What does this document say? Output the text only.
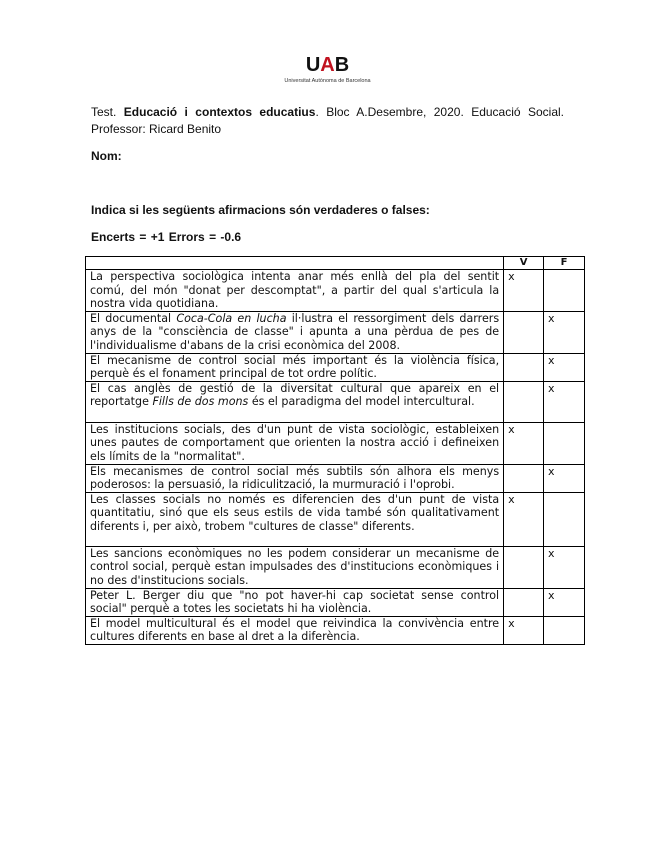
UAB
Universitat Autònoma de Barcelona
Test. Educació i contextos educatius. Bloc A.Desembre, 2020. Educació Social.
Professor: Ricard Benito
Nom:
Indica si les següents afirmacions són verdaderes o falses:
Encerts = +1 Errors = -0.6
	V	F
La perspectiva sociològica intenta anar més enllà del pla del sentit comú, del món "donat per descomptat", a partir del qual s'articula la nostra vida quotidiana.	x	
El documental Coca-Cola en lucha il·lustra el ressorgiment dels darrers anys de la "consciència de classe" i apunta a una pèrdua de pes de l'individualisme d'abans de la crisi econòmica del 2008.		x
El mecanisme de control social més important és la violència física, perquè és el fonament principal de tot ordre polític.		x
El cas anglès de gestió de la diversitat cultural que apareix en el reportatge Fills de dos mons és el paradigma del model intercultural.		x
Les institucions socials, des d'un punt de vista sociològic, estableixen unes pautes de comportament que orienten la nostra acció i defineixen els límits de la "normalitat".	x	
Els mecanismes de control social més subtils són alhora els menys poderosos: la persuasió, la ridiculització, la murmuració i l'oprobi.		x
Les classes socials no només es diferencien des d'un punt de vista quantitatiu, sinó que els seus estils de vida també són qualitativament diferents i, per això, trobem "cultures de classe" diferents.	x	
Les sancions econòmiques no les podem considerar un mecanisme de control social, perquè estan impulsades des d'institucions econòmiques i no des d'institucions socials.		x
Peter L. Berger diu que "no pot haver-hi cap societat sense control social" perquè a totes les societats hi ha violència.		x
El model multicultural és el model que reivindica la convivència entre cultures diferents en base al dret a la diferència.	x	
